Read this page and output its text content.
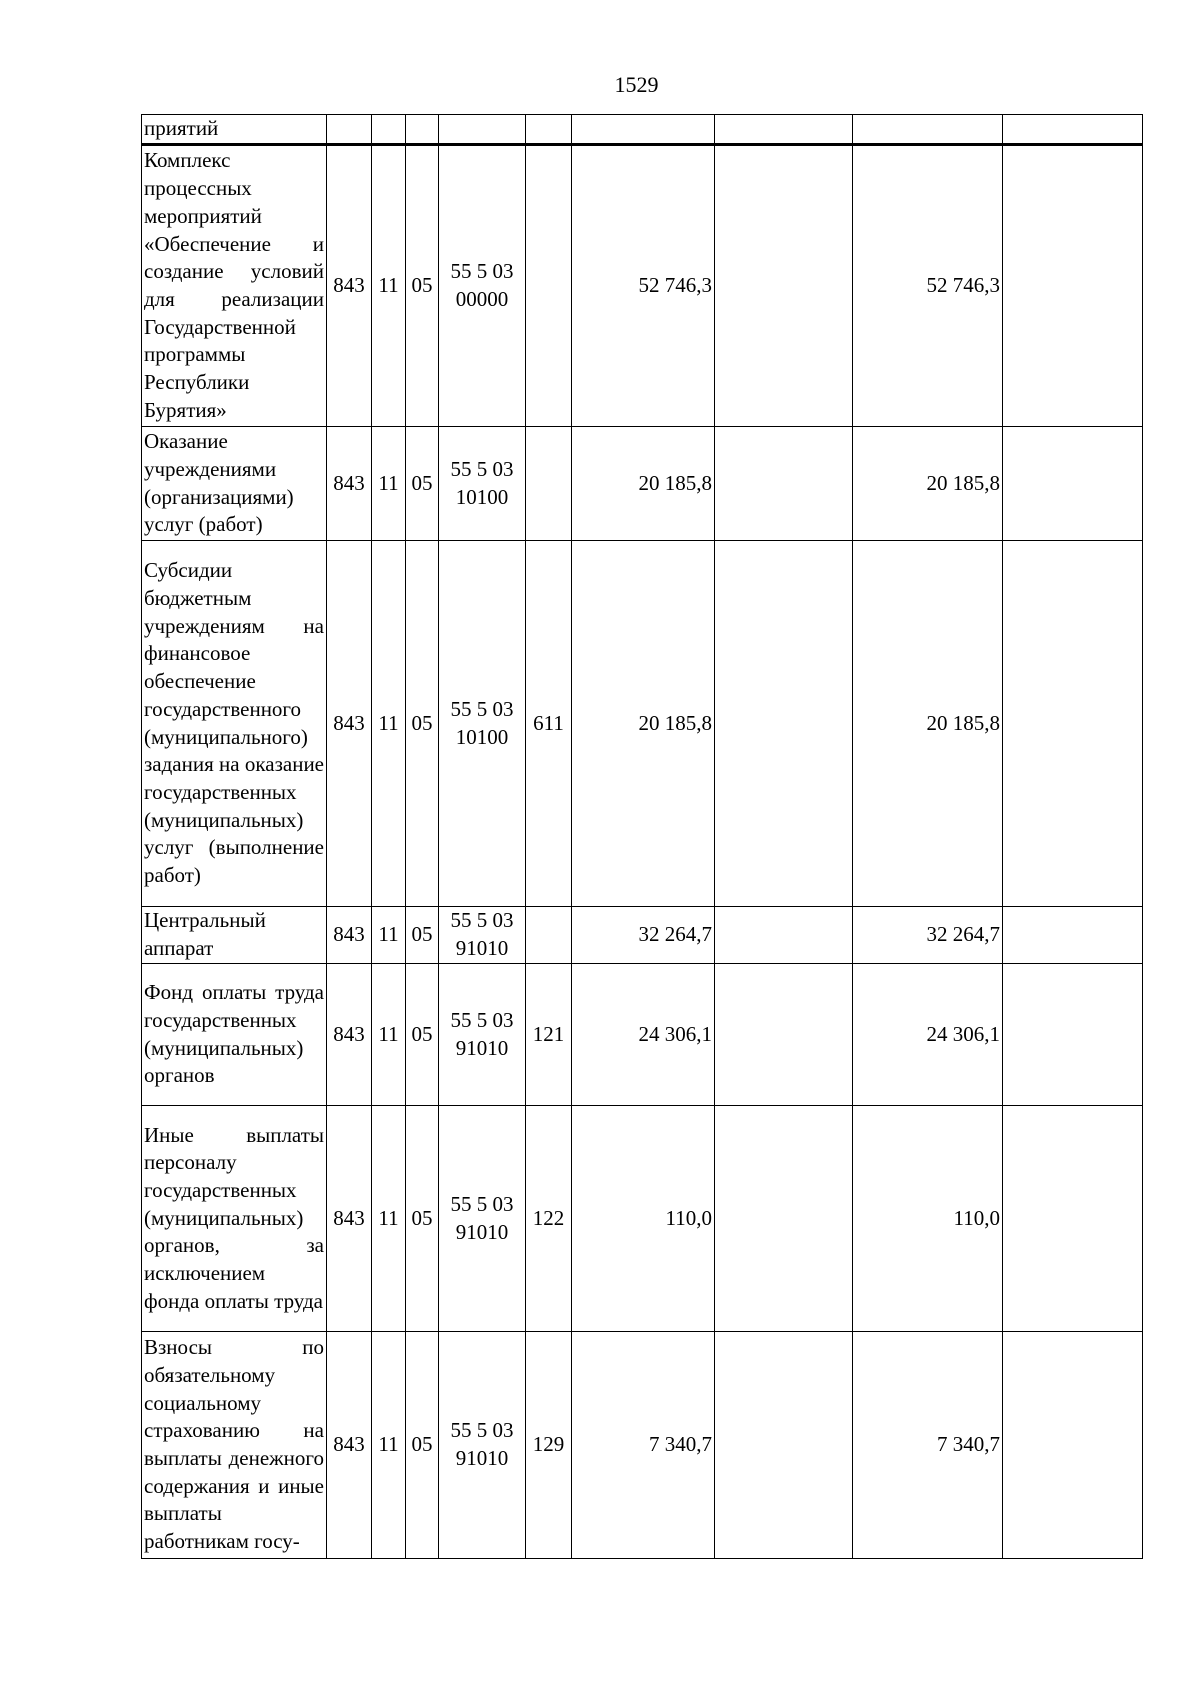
1529
приятий									
Комплекс процессных мероприятий «Обеспечение и создание условий для реализации Государственной программы Республики Бурятия»	843	11	05	55 5 03 00000		52 746,3		52 746,3	
Оказание учреждениями (организациями) услуг (работ)	843	11	05	55 5 03 10100		20 185,8		20 185,8	
Субсидии бюджетным учреждениям на финансовое обеспечение государственного (муниципального) задания на оказание государственных (муниципальных) услуг (выполнение работ)	843	11	05	55 5 03 10100	611	20 185,8		20 185,8	
Центральный аппарат	843	11	05	55 5 03 91010		32 264,7		32 264,7	
Фонд оплаты труда государственных (муниципальных) органов	843	11	05	55 5 03 91010	121	24 306,1		24 306,1	
Иные выплаты персоналу государственных (муниципальных) органов, за исключением фонда оплаты труда	843	11	05	55 5 03 91010	122	110,0		110,0	
Взносы по обязательному социальному страхованию на выплаты денежного содержания и иные выплаты работникам госу-	843	11	05	55 5 03 91010	129	7 340,7		7 340,7	
